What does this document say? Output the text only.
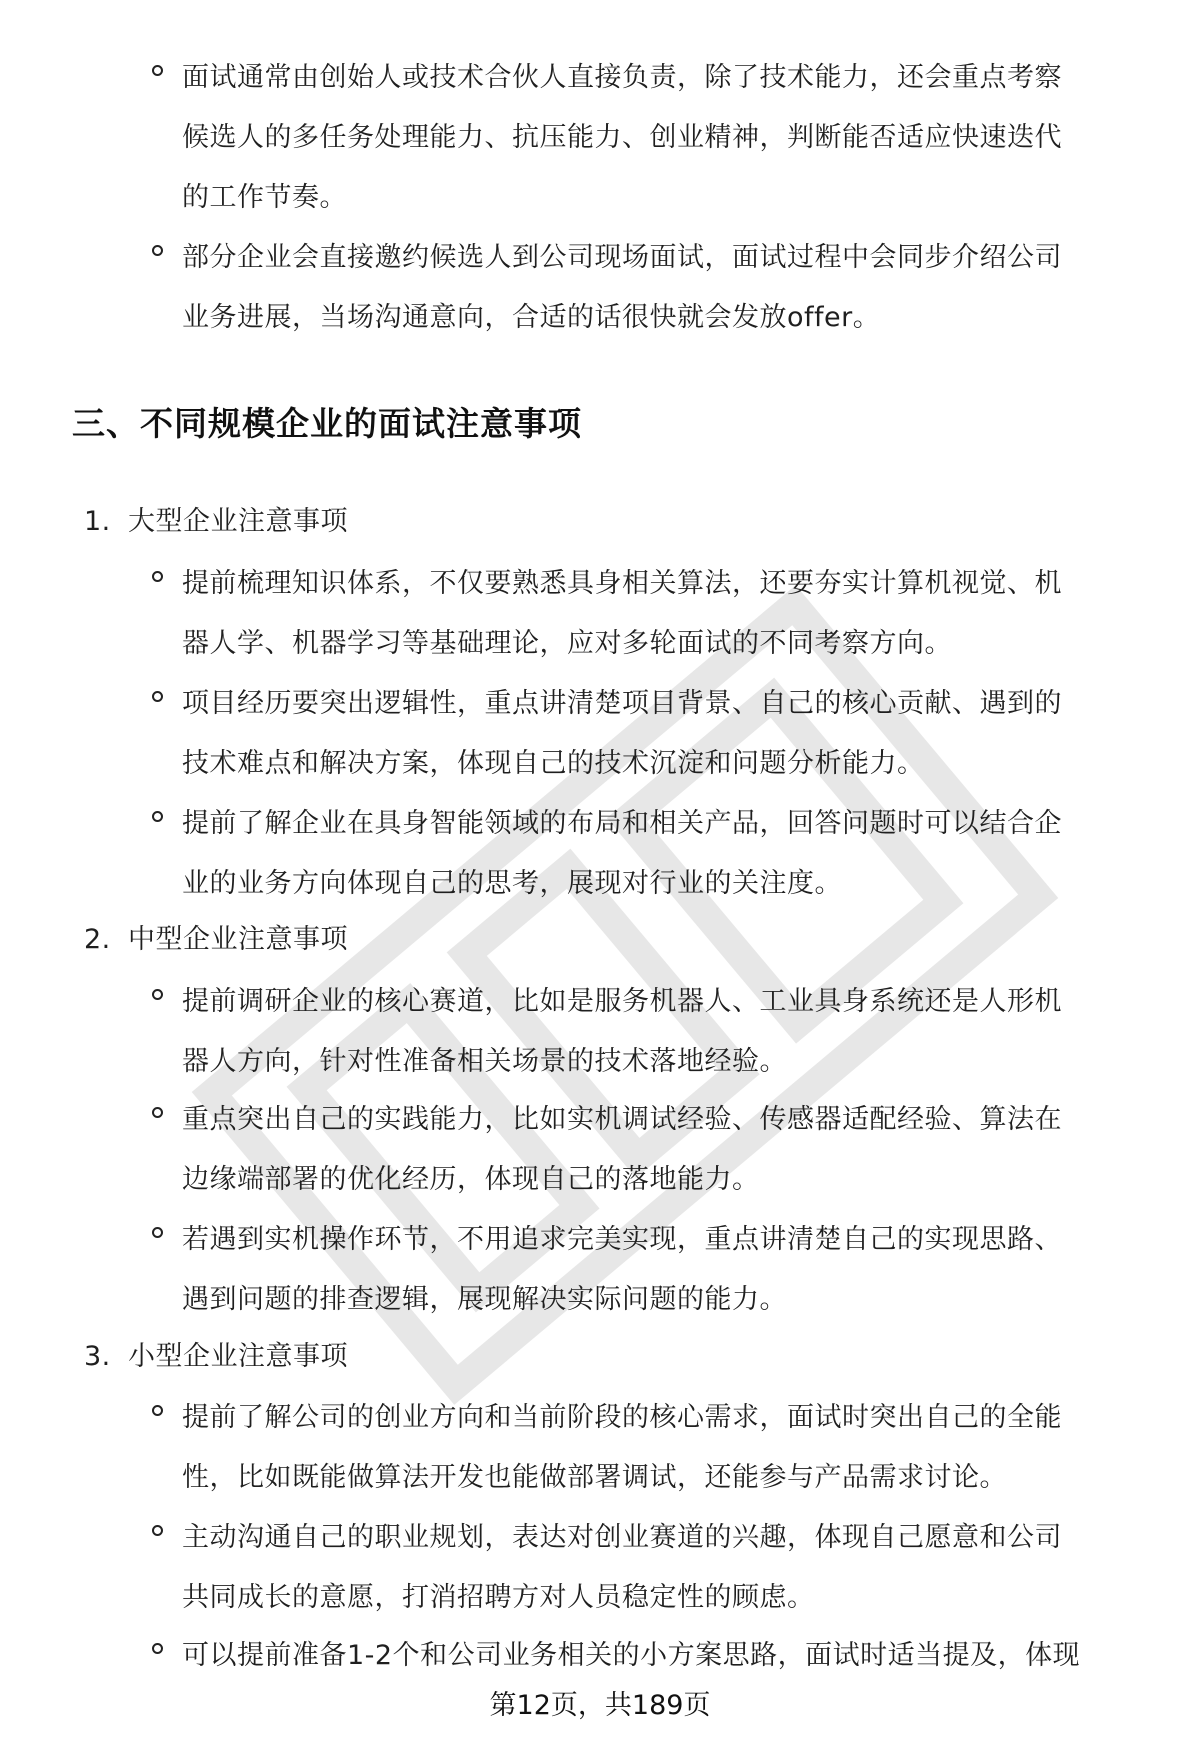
面试通常由创始人或技术合伙人直接负责，除了技术能力，还会重点考察
候选人的多任务处理能力、抗压能力、创业精神，判断能否适应快速迭代
的工作节奏。
部分企业会直接邀约候选人到公司现场面试，面试过程中会同步介绍公司
业务进展，当场沟通意向，合适的话很快就会发放offer。
三、不同规模企业的面试注意事项
1. 大型企业注意事项
提前梳理知识体系，不仅要熟悉具身相关算法，还要夯实计算机视觉、机
器人学、机器学习等基础理论，应对多轮面试的不同考察方向。
项目经历要突出逻辑性，重点讲清楚项目背景、自己的核心贡献、遇到的
技术难点和解决方案，体现自己的技术沉淀和问题分析能力。
提前了解企业在具身智能领域的布局和相关产品，回答问题时可以结合企
业的业务方向体现自己的思考，展现对行业的关注度。
2. 中型企业注意事项
提前调研企业的核心赛道，比如是服务机器人、工业具身系统还是人形机
器人方向，针对性准备相关场景的技术落地经验。
重点突出自己的实践能力，比如实机调试经验、传感器适配经验、算法在
边缘端部署的优化经历，体现自己的落地能力。
若遇到实机操作环节，不用追求完美实现，重点讲清楚自己的实现思路、
遇到问题的排查逻辑，展现解决实际问题的能力。
3. 小型企业注意事项
提前了解公司的创业方向和当前阶段的核心需求，面试时突出自己的全能
性，比如既能做算法开发也能做部署调试，还能参与产品需求讨论。
主动沟通自己的职业规划，表达对创业赛道的兴趣，体现自己愿意和公司
共同成长的意愿，打消招聘方对人员稳定性的顾虑。
可以提前准备1-2个和公司业务相关的小方案思路，面试时适当提及，体现
第12页，共189页
